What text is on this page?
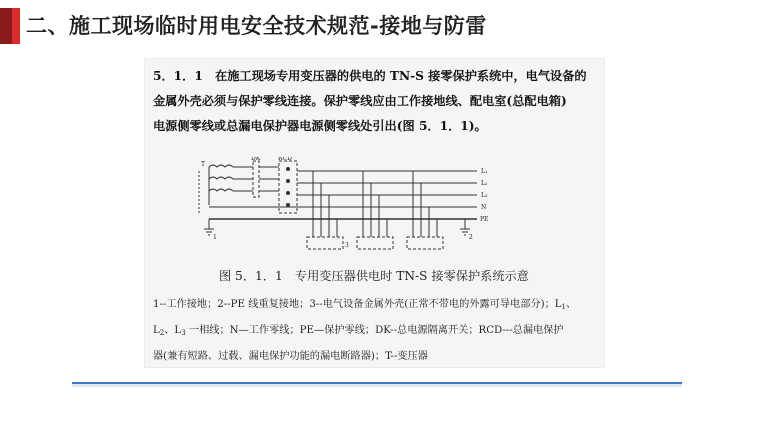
二、施工现场临时用电安全技术规范-接地与防雷

5．1．1　在施工现场专用变压器的供电的 TN-S 接零保护系统中，电气设备的
金属外壳必须与保护零线连接。保护零线应由工作接地线、配电室(总配电箱)
电源侧零线或总漏电保护器电源侧零线处引出(图 5．1．1)。

T
DK	RCD
L₁
L₂
L₃
N
PE
1	2
3
图 5．1．1　专用变压器供电时 TN-S 接零保护系统示意

1--工作接地；2--PE 线重复接地；3--电气设备金属外壳(正常不带电的外露可导电部分)；$L_1$、
$L_2$、$L_3$ 一相线；N—工作零线；PE—保护零线；DK--总电源隔离开关；RCD---总漏电保护
器(兼有短路、过载、漏电保护功能的漏电断路器)；T--变压器
